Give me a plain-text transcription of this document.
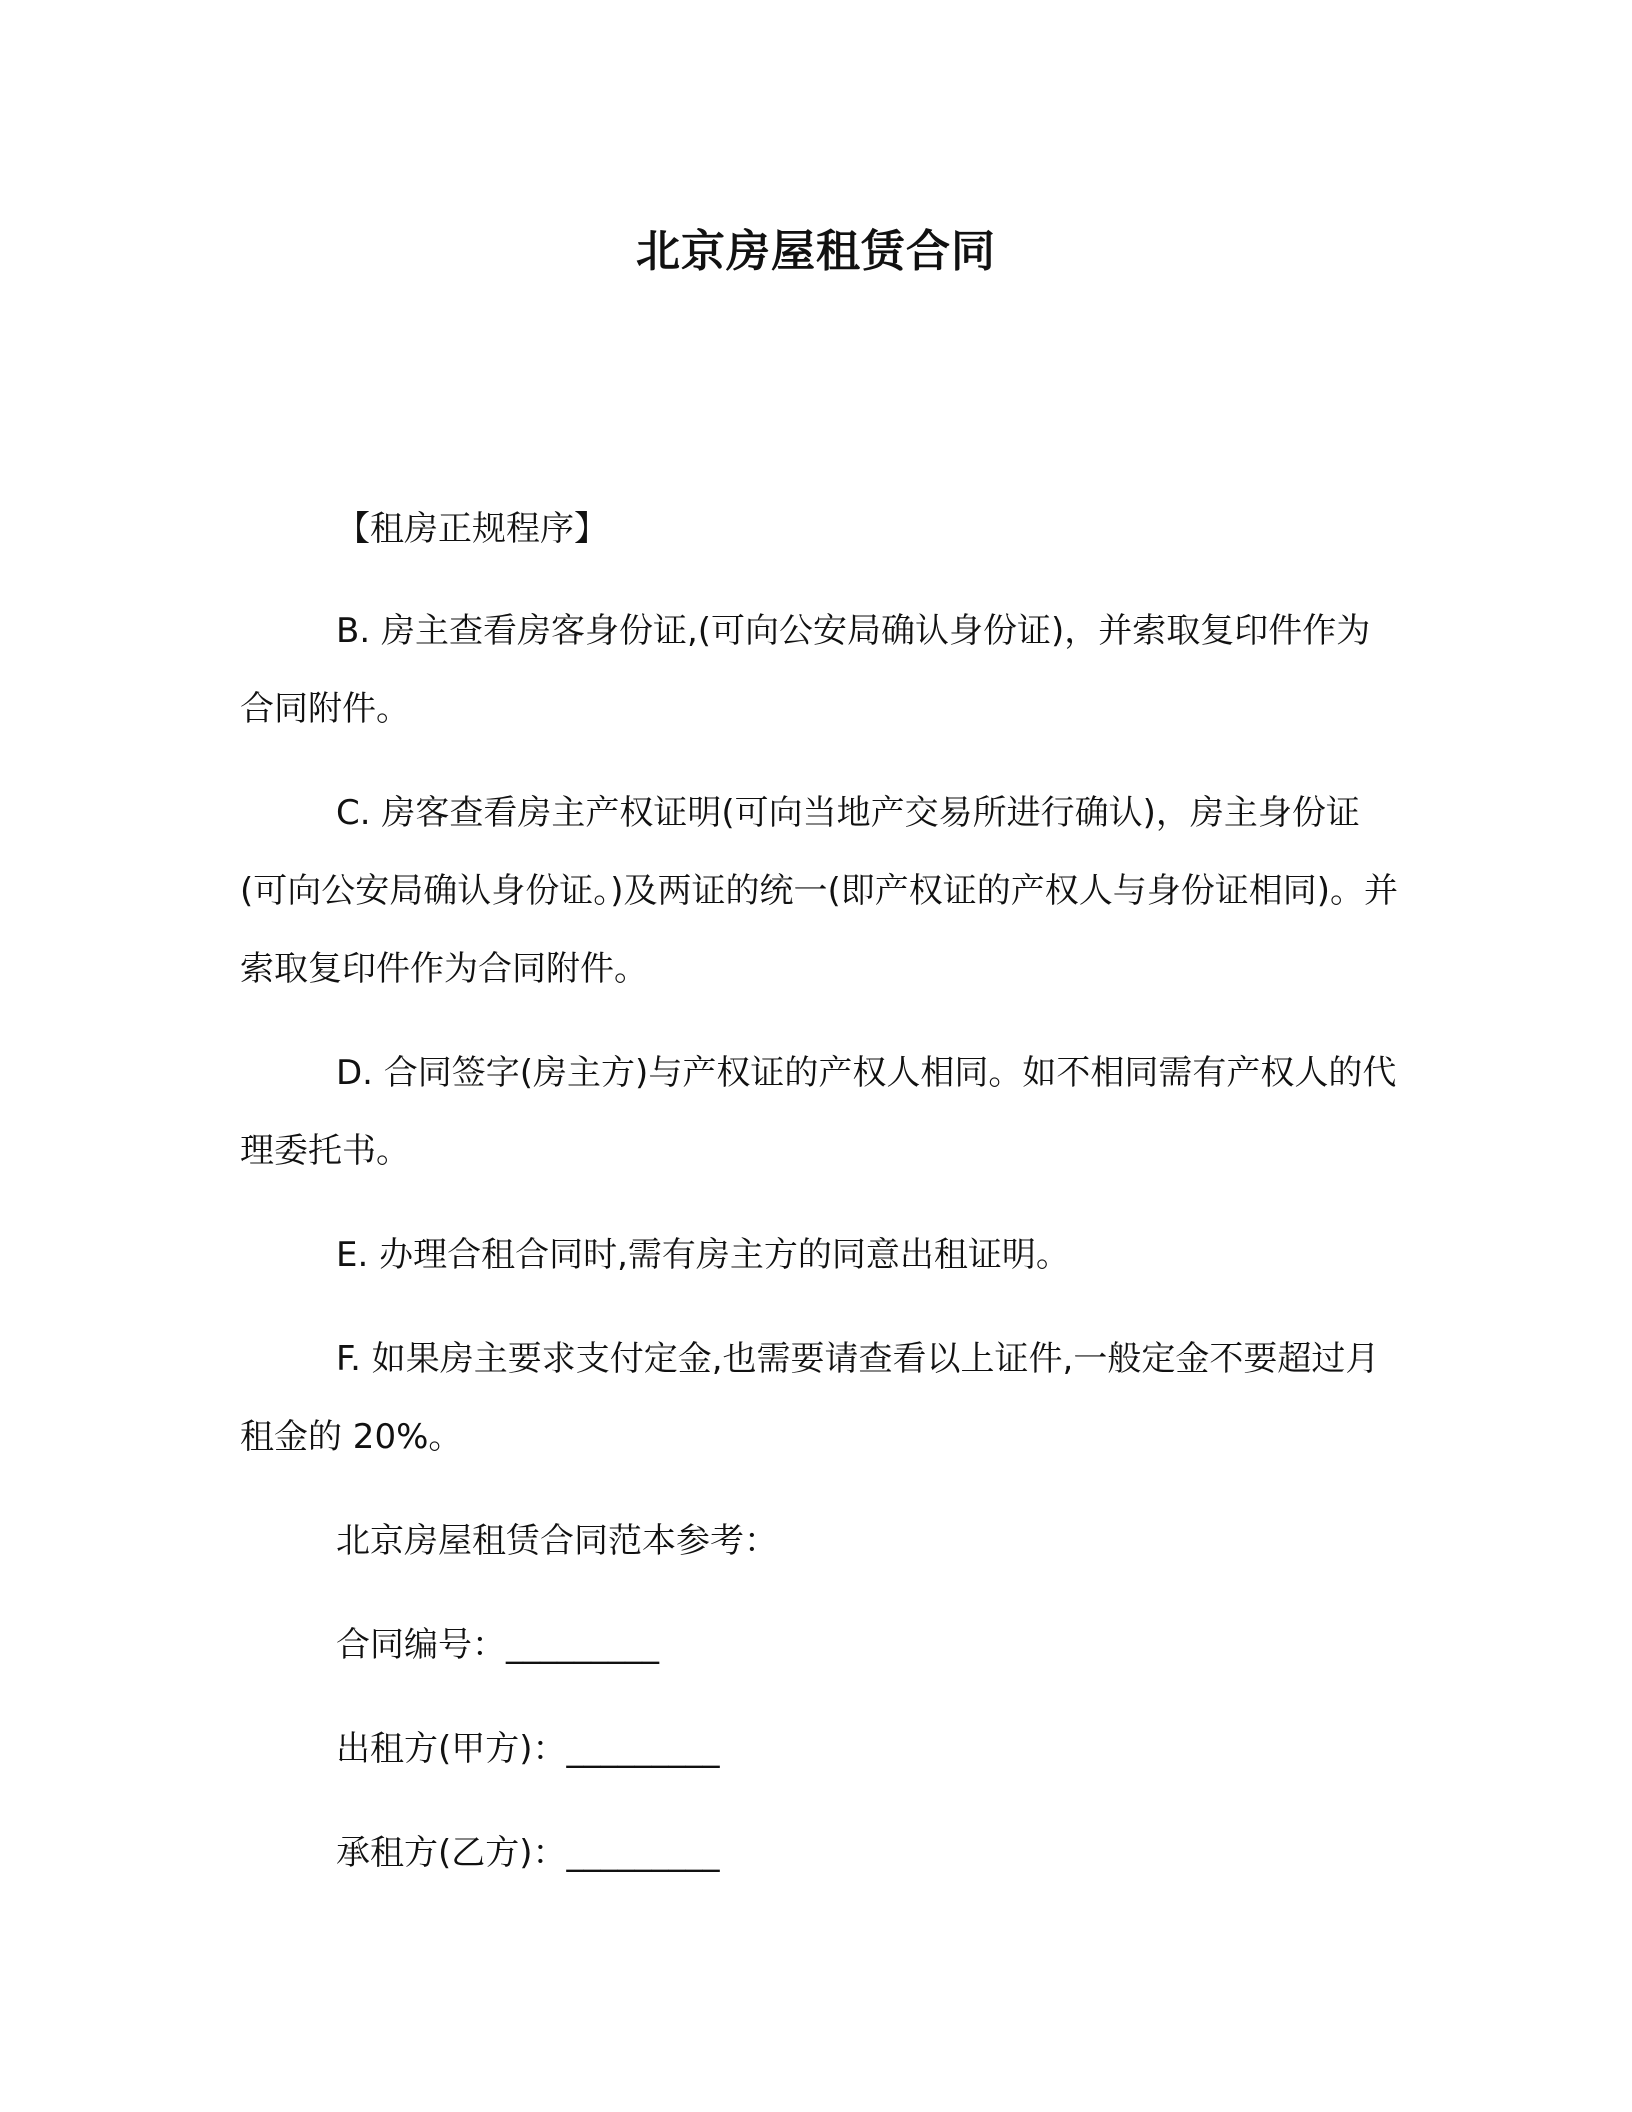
北京房屋租赁合同

【租房正规程序】

B. 房主查看房客身份证,(可向公安局确认身份证)，并索取复印件作为合同附件。

C. 房客查看房主产权证明(可向当地产交易所进行确认)，房主身份证(可向公安局确认身份证。)及两证的统一(即产权证的产权人与身份证相同)。并索取复印件作为合同附件。

D. 合同签字(房主方)与产权证的产权人相同。如不相同需有产权人的代理委托书。

E. 办理合租合同时,需有房主方的同意出租证明。

F. 如果房主要求支付定金,也需要请查看以上证件,一般定金不要超过月租金的 20%。

北京房屋租赁合同范本参考：

合同编号：_________

出租方(甲方)：_________

承租方(乙方)：_________
